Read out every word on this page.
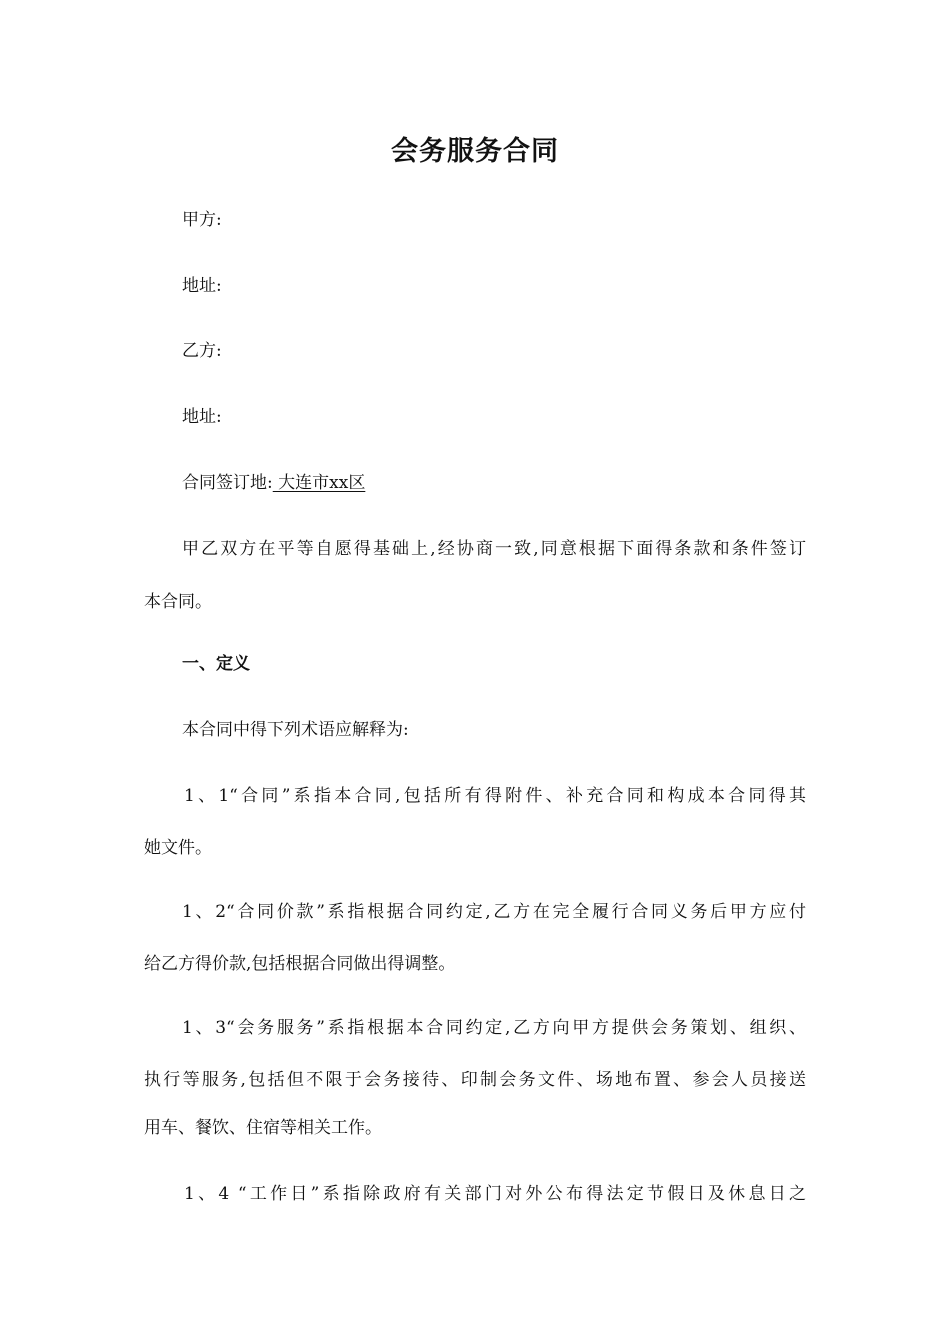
会务服务合同
甲方:
地址:
乙方:
地址:
合同签订地: 大连市xx区
甲乙双方在平等自愿得基础上,经协商一致,同意根据下面得条款和条件签订
本合同。
一、定义
本合同中得下列术语应解释为:
1、1“合同”系指本合同,包括所有得附件、补充合同和构成本合同得其
她文件。
1、2“合同价款”系指根据合同约定,乙方在完全履行合同义务后甲方应付
给乙方得价款,包括根据合同做出得调整。
1、3“会务服务”系指根据本合同约定,乙方向甲方提供会务策划、组织、
执行等服务,包括但不限于会务接待、印制会务文件、场地布置、参会人员接送
用车、餐饮、住宿等相关工作。
1、4 “工作日”系指除政府有关部门对外公布得法定节假日及休息日之
